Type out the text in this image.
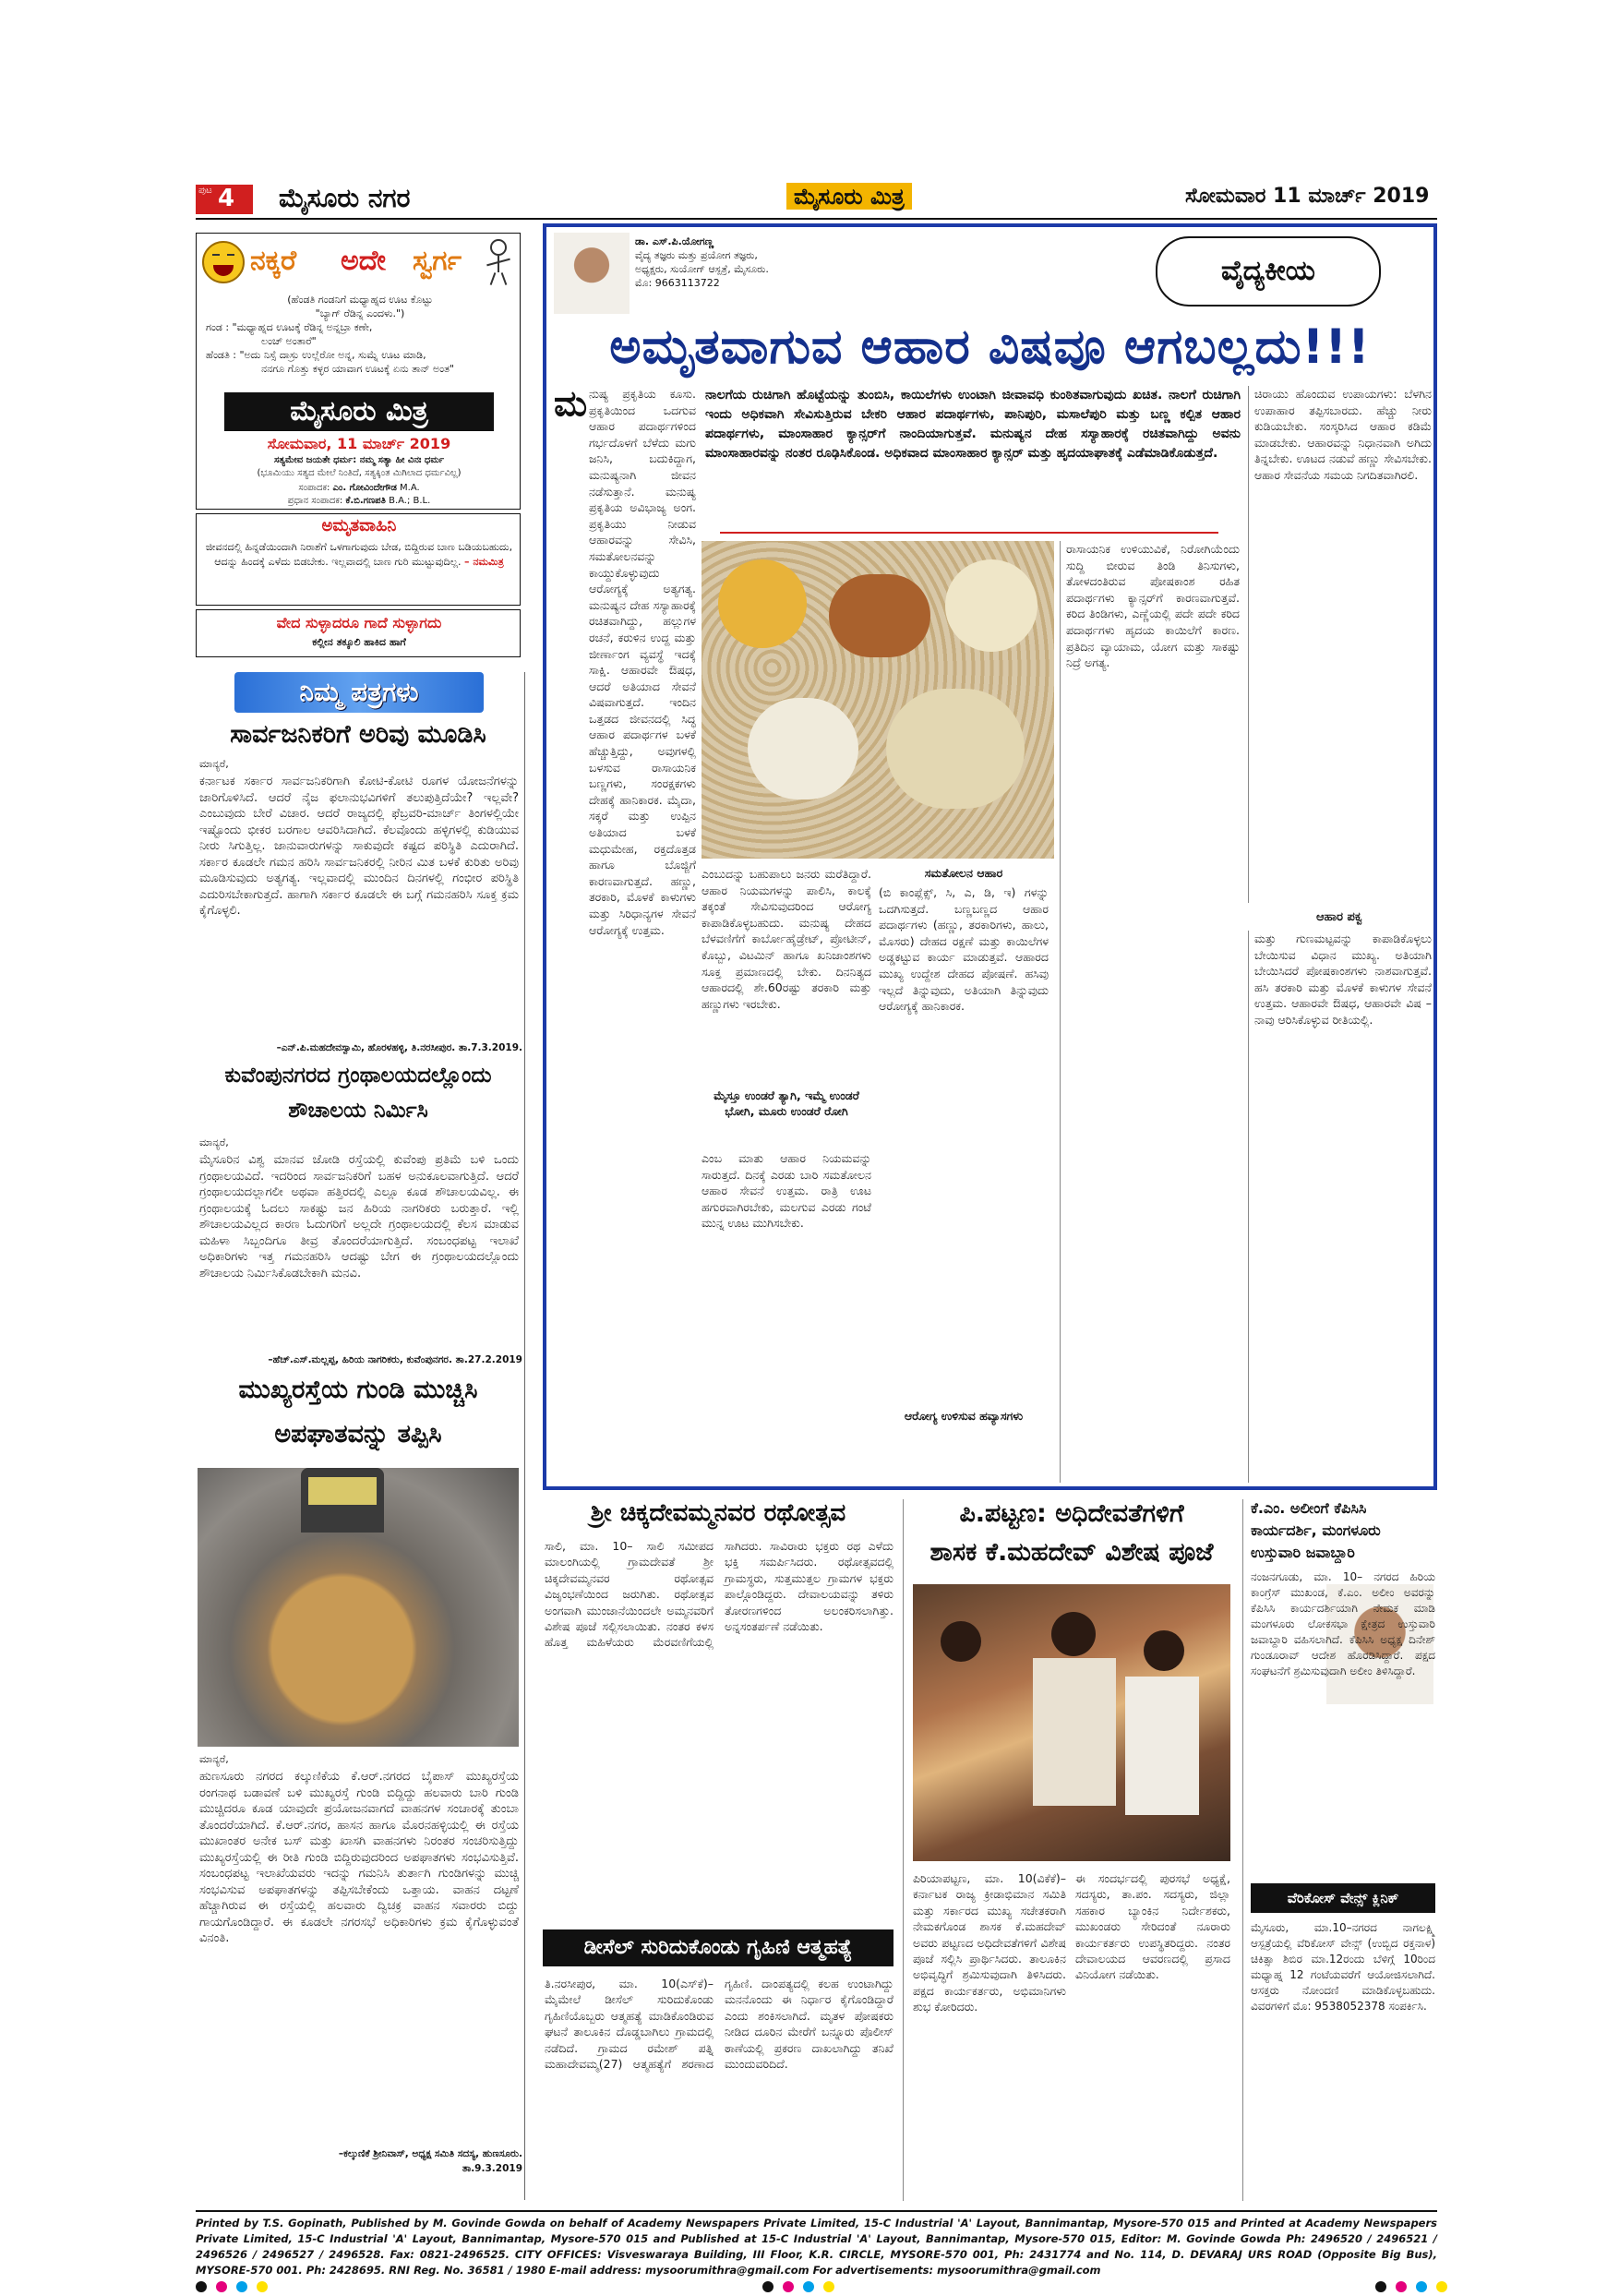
ಪುಟ 4 ಮೈಸೂರು ನಗರ	ಮೈಸೂರು ಮಿತ್ರ	ಸೋಮವಾರ 11 ಮಾರ್ಚ್ 2019
ನಕ್ಕರೆ ಅದೇ ಸ್ವರ್ಗ
(ಹೆಂಡತಿ ಗಂಡನಿಗೆ ಮಧ್ಯಾಹ್ನದ ಊಟ ಕೊಟ್ಟು
"ಬ್ಯಾಗ್ ರೆಡಿನ್ನ ಎಂದಳು.")
ಗಂಡ : "ಮಧ್ಯಾಹ್ನದ ಊಟಕ್ಕೆ ರೆಡಿನ್ನ ಅನ್ನಬ್ರಾ ಕಣೇ,
ಲಂಚ್ ಅಂತಾರೆ"
ಹೆಂಡತಿ : "ಅದು ನಿಸ್ಸೆ ದಾಸ್ರು ಉಲ್ಲೆರೋ ಅನ್ನ, ಸುಮ್ನೆ ಊಟ ಮಾಡಿ,
ನನಗೂ ಗೊತ್ತು ಕಳ್ಳರ ಯಾವಾಗ ಊಟಕ್ಕೆ ಏನು ತಾನ್ ಅಂತ"
ಮೈಸೂರು ಮಿತ್ರ
ಸೋಮವಾರ, 11 ಮಾರ್ಚ್ 2019
ಸತ್ಯಮೇವ ಜಯತೇ ಧರ್ಮ: ನಮ್ಮ ಸತ್ಯಾ ಹೀ ವಿನಃ ಧರ್ಮ
(ಭೂಮಿಯು ಸತ್ಯದ ಮೇಲೆ ನಿಂತಿದೆ, ಸತ್ಯಕ್ಕಿಂತ ಮಿಗಿಲಾದ ಧರ್ಮವಿಲ್ಲ)
ಸಂಪಾದಕ: ಎಂ. ಗೋವಿಂದೇಗೌಡ M.A.
ಪ್ರಧಾನ ಸಂಪಾದಕ: ಕೆ.ಬಿ.ಗಣಪತಿ B.A.; B.L.
ಅಮೃತವಾಹಿನಿ
ಜೀವನದಲ್ಲಿ ಹಿನ್ನಡೆಯಿಂದಾಗಿ ನಿರಾಶೆಗೆ ಒಳಗಾಗುವುದು ಬೇಡ, ಬಿದ್ದಿರುವ ಬಾಣ ಬಡಿಯಬಹುದು, ಆದನ್ನು ಹಿಂದಕ್ಕೆ ಎಳೆದು ಬಿಡಬೇಕು. ಇಲ್ಲವಾದಲ್ಲಿ ಬಾಣ ಗುರಿ ಮುಟ್ಟುವುದಿಲ್ಲ. – ನಮಮಿತ್ರ
ವೇದ ಸುಳ್ಳಾದರೂ ಗಾದೆ ಸುಳ್ಳಾಗದು
ಕಲ್ಲೀನ ತಕ್ಕೂಲಿ ಹಾಕಿದ ಹಾಗೆ
ನಿಮ್ಮ ಪತ್ರಗಳು
ಸಾರ್ವಜನಿಕರಿಗೆ ಅರಿವು ಮೂಡಿಸಿ
ಮಾನ್ಯರೆ,
ಕರ್ನಾಟಕ ಸರ್ಕಾರ ಸಾರ್ವಜನಿಕರಿಗಾಗಿ ಕೋಟಿ-ಕೋಟಿ ರೂಗಳ ಯೋಜನೆಗಳನ್ನು ಜಾರಿಗೊಳಿಸಿದೆ. ಆದರೆ ನೈಜ ಫಲಾನುಭವಿಗಳಿಗೆ ತಲುಪುತ್ತಿದೆಯೇ? ಇಲ್ಲವೇ? ಎಂಬುವುದು ಬೇರೆ ವಿಚಾರ. ಆದರೆ ರಾಜ್ಯದಲ್ಲಿ ಫೆಬ್ರವರಿ-ಮಾರ್ಚ್ ತಿಂಗಳಲ್ಲಿಯೇ ಇಷ್ಟೊಂದು ಭೀಕರ ಬರಗಾಲ ಆವರಿಸಿದಾಗಿದೆ. ಕೆಲವೊಂದು ಹಳ್ಳಿಗಳಲ್ಲಿ ಕುಡಿಯುವ ನೀರು ಸಿಗುತ್ತಿಲ್ಲ. ಜಾನುವಾರುಗಳನ್ನು ಸಾಕುವುದೇ ಕಷ್ಟದ ಪರಿಸ್ಥಿತಿ ಎದುರಾಗಿದೆ. ಸರ್ಕಾರ ಕೂಡಲೇ ಗಮನ ಹರಿಸಿ ಸಾರ್ವಜನಿಕರಲ್ಲಿ ನೀರಿನ ಮಿತ ಬಳಕೆ ಕುರಿತು ಅರಿವು ಮೂಡಿಸುವುದು ಅತ್ಯಗತ್ಯ. ಇಲ್ಲವಾದಲ್ಲಿ ಮುಂದಿನ ದಿನಗಳಲ್ಲಿ ಗಂಭೀರ ಪರಿಸ್ಥಿತಿ ಎದುರಿಸಬೇಕಾಗುತ್ತದೆ. ಹಾಗಾಗಿ ಸರ್ಕಾರ ಕೂಡಲೇ ಈ ಬಗ್ಗೆ ಗಮನಹರಿಸಿ ಸೂಕ್ತ ಕ್ರಮ ಕೈಗೊಳ್ಳಲಿ.
–ಎನ್.ಪಿ.ಮಹದೇವಸ್ವಾಮಿ, ಹೊರಳಹಳ್ಳಿ, ತಿ.ನರಸೀಪುರ. ತಾ.7.3.2019.
ಕುವೆಂಪುನಗರದ ಗ್ರಂಥಾಲಯದಲ್ಲೊಂದು
ಶೌಚಾಲಯ ನಿರ್ಮಿಸಿ
ಮಾನ್ಯರೆ,
ಮೈಸೂರಿನ ವಿಶ್ವ ಮಾನವ ಜೋಡಿ ರಸ್ತೆಯಲ್ಲಿ ಕುವೆಂಪು ಪ್ರತಿಮೆ ಬಳಿ ಒಂದು ಗ್ರಂಥಾಲಯವಿದೆ. ಇದರಿಂದ ಸಾರ್ವಜನಿಕರಿಗೆ ಬಹಳ ಅನುಕೂಲವಾಗುತ್ತಿದೆ. ಆದರೆ ಗ್ರಂಥಾಲಯದಲ್ಲಾಗಲೀ ಅಥವಾ ಹತ್ತಿರದಲ್ಲಿ ಎಲ್ಲೂ ಕೂಡ ಶೌಚಾಲಯವಿಲ್ಲ. ಈ ಗ್ರಂಥಾಲಯಕ್ಕೆ ಓದಲು ಸಾಕಷ್ಟು ಜನ ಹಿರಿಯ ನಾಗರಿಕರು ಬರುತ್ತಾರೆ. ಇಲ್ಲಿ ಶೌಚಾಲಯವಿಲ್ಲದ ಕಾರಣ ಓದುಗರಿಗೆ ಅಲ್ಲದೇ ಗ್ರಂಥಾಲಯದಲ್ಲಿ ಕೆಲಸ ಮಾಡುವ ಮಹಿಳಾ ಸಿಬ್ಬಂದಿಗೂ ತೀವ್ರ ತೊಂದರೆಯಾಗುತ್ತಿದೆ. ಸಂಬಂಧಪಟ್ಟ ಇಲಾಖೆ ಅಧಿಕಾರಿಗಳು ಇತ್ತ ಗಮನಹರಿಸಿ ಆದಷ್ಟು ಬೇಗ ಈ ಗ್ರಂಥಾಲಯದಲ್ಲೊಂದು ಶೌಚಾಲಯ ನಿರ್ಮಿಸಿಕೊಡಬೇಕಾಗಿ ಮನವಿ.
–ಹೆಚ್.ಎಸ್.ಮಲ್ಲಪ್ಪ, ಹಿರಿಯ ನಾಗರಿಕರು, ಕುವೆಂಪುನಗರ. ತಾ.27.2.2019
ಮುಖ್ಯರಸ್ತೆಯ ಗುಂಡಿ ಮುಚ್ಚಿಸಿ
ಅಪಘಾತವನ್ನು ತಪ್ಪಿಸಿ
ಮಾನ್ಯರೆ,
ಹುಣಸೂರು ನಗರದ ಕಲ್ಕುಣಿಕೆಯ ಕೆ.ಆರ್.ನಗರದ ಬೈಪಾಸ್ ಮುಖ್ಯರಸ್ತೆಯ ರಂಗನಾಥ ಬಡಾವಣೆ ಬಳಿ ಮುಖ್ಯರಸ್ತೆ ಗುಂಡಿ ಬಿದ್ದಿದ್ದು ಹಲವಾರು ಬಾರಿ ಗುಂಡಿ ಮುಚ್ಚಿದರೂ ಕೂಡ ಯಾವುದೇ ಪ್ರಯೋಜನವಾಗದೆ ವಾಹನಗಳ ಸಂಚಾರಕ್ಕೆ ತುಂಬಾ ತೊಂದರೆಯಾಗಿದೆ. ಕೆ.ಆರ್.ನಗರ, ಹಾಸನ ಹಾಗೂ ಮೊರನಹಳ್ಳಿಯಲ್ಲಿ ಈ ರಸ್ತೆಯ ಮುಖಾಂತರ ಅನೇಕ ಬಸ್ ಮತ್ತು ಖಾಸಗಿ ವಾಹನಗಳು ನಿರಂತರ ಸಂಚರಿಸುತ್ತಿದ್ದು ಮುಖ್ಯರಸ್ತೆಯಲ್ಲಿ ಈ ರೀತಿ ಗುಂಡಿ ಬಿದ್ದಿರುವುದರಿಂದ ಅಪಘಾತಗಳು ಸಂಭವಿಸುತ್ತಿವೆ. ಸಂಬಂಧಪಟ್ಟ ಇಲಾಖೆಯವರು ಇದನ್ನು ಗಮನಿಸಿ ತುರ್ತಾಗಿ ಗುಂಡಿಗಳನ್ನು ಮುಚ್ಚಿ ಸಂಭವಿಸುವ ಅಪಘಾತಗಳನ್ನು ತಪ್ಪಿಸಬೇಕೆಂದು ಒತ್ತಾಯ. ವಾಹನ ದಟ್ಟಣೆ ಹೆಚ್ಚಾಗಿರುವ ಈ ರಸ್ತೆಯಲ್ಲಿ ಹಲವಾರು ದ್ವಿಚಕ್ರ ವಾಹನ ಸವಾರರು ಬಿದ್ದು ಗಾಯಗೊಂಡಿದ್ದಾರೆ. ಈ ಕೂಡಲೇ ನಗರಸಭೆ ಅಧಿಕಾರಿಗಳು ಕ್ರಮ ಕೈಗೊಳ್ಳುವಂತೆ ವಿನಂತಿ.
–ಕಲ್ಕುಣಿಕೆ ಶ್ರೀನಿವಾಸ್, ಅಧ್ಯಕ್ಷ ಸಮಿತಿ ಸದಸ್ಯ, ಹುಣಸೂರು.
ತಾ.9.3.2019
ಡಾ. ಎಸ್.ಪಿ.ಯೋಗಣ್ಣ
ವೈದ್ಯ ತಜ್ಞರು ಮತ್ತು ಪ್ರಯೋಗ ತಜ್ಞರು,
ಅಧ್ಯಕ್ಷರು, ಸುಯೋಗ್ ಆಸ್ಪತ್ರೆ, ಮೈಸೂರು.
ಮೊ: 9663113722	ವೈದ್ಯಕೀಯ
ಅಮೃತವಾಗುವ ಆಹಾರ ವಿಷವೂ ಆಗಬಲ್ಲದು!!!
ಮ ನುಷ್ಯ ಪ್ರಕೃತಿಯ ಕೂಸು. ಪ್ರಕೃತಿಯಿಂದ ಒದಗುವ ಆಹಾರ ಪದಾರ್ಥಗಳಿಂದ ಗರ್ಭದೊಳಗೆ ಬೆಳೆದು ಮಗು ಜನಿಸಿ, ಬದುಕಿದ್ದಾಗ, ಮನುಷ್ಯನಾಗಿ ಜೀವನ ನಡೆಸುತ್ತಾನೆ. ಮನುಷ್ಯ ಪ್ರಕೃತಿಯ ಅವಿಭಾಜ್ಯ ಅಂಗ. ಪ್ರಕೃತಿಯು ನೀಡುವ ಆಹಾರವನ್ನು ಸೇವಿಸಿ, ಸಮತೋಲನವನ್ನು ಕಾಯ್ದುಕೊಳ್ಳುವುದು ಆರೋಗ್ಯಕ್ಕೆ ಅತ್ಯಗತ್ಯ. ಮನುಷ್ಯನ ದೇಹ ಸಸ್ಯಾಹಾರಕ್ಕೆ ರಚಿತವಾಗಿದ್ದು, ಹಲ್ಲುಗಳ ರಚನೆ, ಕರುಳಿನ ಉದ್ದ ಮತ್ತು ಜೀರ್ಣಾಂಗ ವ್ಯವಸ್ಥೆ ಇದಕ್ಕೆ ಸಾಕ್ಷಿ. ಆಹಾರವೇ ಔಷಧ, ಆದರೆ ಅತಿಯಾದ ಸೇವನೆ ವಿಷವಾಗುತ್ತದೆ. ಇಂದಿನ ಒತ್ತಡದ ಜೀವನದಲ್ಲಿ ಸಿದ್ಧ ಆಹಾರ ಪದಾರ್ಥಗಳ ಬಳಕೆ ಹೆಚ್ಚುತ್ತಿದ್ದು, ಅವುಗಳಲ್ಲಿ ಬಳಸುವ ರಾಸಾಯನಿಕ ಬಣ್ಣಗಳು, ಸಂರಕ್ಷಕಗಳು ದೇಹಕ್ಕೆ ಹಾನಿಕಾರಕ. ಮೈದಾ, ಸಕ್ಕರೆ ಮತ್ತು ಉಪ್ಪಿನ ಅತಿಯಾದ ಬಳಕೆ ಮಧುಮೇಹ, ರಕ್ತದೊತ್ತಡ ಹಾಗೂ ಬೊಜ್ಜಿಗೆ ಕಾರಣವಾಗುತ್ತದೆ. ಹಣ್ಣು, ತರಕಾರಿ, ಮೊಳಕೆ ಕಾಳುಗಳು ಮತ್ತು ಸಿರಿಧಾನ್ಯಗಳ ಸೇವನೆ ಆರೋಗ್ಯಕ್ಕೆ ಉತ್ತಮ.
ನಾಲಗೆಯ ರುಚಿಗಾಗಿ ಹೊಟ್ಟೆಯನ್ನು ತುಂಬಿಸಿ, ಕಾಯಿಲೆಗಳು ಉಂಟಾಗಿ ಜೀವಾವಧಿ ಕುಂಠಿತವಾಗುವುದು ಖಚಿತ. ನಾಲಗೆ ರುಚಿಗಾಗಿ ಇಂದು ಅಧಿಕವಾಗಿ ಸೇವಿಸುತ್ತಿರುವ ಬೇಕರಿ ಆಹಾರ ಪದಾರ್ಥಗಳು, ಪಾನಿಪುರಿ, ಮಸಾಲೆಪುರಿ ಮತ್ತು ಬಣ್ಣ ಕಲ್ಪಿತ ಆಹಾರ ಪದಾರ್ಥಗಳು, ಮಾಂಸಾಹಾರ ಕ್ಯಾನ್ಸರ್‌ಗೆ ನಾಂದಿಯಾಗುತ್ತವೆ. ಮನುಷ್ಯನ ದೇಹ ಸಸ್ಯಾಹಾರಕ್ಕೆ ರಚಿತವಾಗಿದ್ದು ಅವನು ಮಾಂಸಾಹಾರವನ್ನು ನಂತರ ರೂಢಿಸಿಕೊಂಡ. ಅಧಿಕವಾದ ಮಾಂಸಾಹಾರ ಕ್ಯಾನ್ಸರ್ ಮತ್ತು ಹೃದಯಾಘಾತಕ್ಕೆ ಎಡೆಮಾಡಿಕೊಡುತ್ತದೆ.
ಎಂಬುದನ್ನು ಬಹುಪಾಲು ಜನರು ಮರೆತಿದ್ದಾರೆ. ಆಹಾರ ನಿಯಮಗಳನ್ನು ಪಾಲಿಸಿ, ಕಾಲಕ್ಕೆ ತಕ್ಕಂತೆ ಸೇವಿಸುವುದರಿಂದ ಆರೋಗ್ಯ ಕಾಪಾಡಿಕೊಳ್ಳಬಹುದು. ಮನುಷ್ಯ ದೇಹದ ಬೆಳವಣಿಗೆಗೆ ಕಾರ್ಬೋಹೈಡ್ರೇಟ್, ಪ್ರೋಟೀನ್, ಕೊಬ್ಬು, ವಿಟಮಿನ್ ಹಾಗೂ ಖನಿಜಾಂಶಗಳು ಸೂಕ್ತ ಪ್ರಮಾಣದಲ್ಲಿ ಬೇಕು. ದಿನನಿತ್ಯದ ಆಹಾರದಲ್ಲಿ ಶೇ.60ರಷ್ಟು ತರಕಾರಿ ಮತ್ತು ಹಣ್ಣುಗಳು ಇರಬೇಕು.
ಮೈಸ್ತೂ ಉಂಡರೆ ತ್ಯಾಗಿ, ಇಮ್ಮೆ ಉಂಡರೆ ಭೋಗಿ, ಮೂರು ಉಂಡರೆ ರೋಗಿ
ಎಂಬ ಮಾತು ಆಹಾರ ನಿಯಮವನ್ನು ಸಾರುತ್ತದೆ. ದಿನಕ್ಕೆ ಎರಡು ಬಾರಿ ಸಮತೋಲನ ಆಹಾರ ಸೇವನೆ ಉತ್ತಮ. ರಾತ್ರಿ ಊಟ ಹಗುರವಾಗಿರಬೇಕು, ಮಲಗುವ ಎರಡು ಗಂಟೆ ಮುನ್ನ ಊಟ ಮುಗಿಸಬೇಕು.
ಸಮತೋಲನ ಆಹಾರ
(ಬಿ ಕಾಂಪ್ಲೆಕ್ಸ್, ಸಿ, ಎ, ಡಿ, ಇ) ಗಳನ್ನು ಒದಗಿಸುತ್ತದೆ. ಬಣ್ಣಬಣ್ಣದ ಆಹಾರ ಪದಾರ್ಥಗಳು (ಹಣ್ಣು, ತರಕಾರಿಗಳು, ಹಾಲು, ಮೊಸರು) ದೇಹದ ರಕ್ಷಣೆ ಮತ್ತು ಕಾಯಿಲೆಗಳ ಅಡ್ಡಕಟ್ಟುವ ಕಾರ್ಯ ಮಾಡುತ್ತವೆ. ಆಹಾರದ ಮುಖ್ಯ ಉದ್ದೇಶ ದೇಹದ ಪೋಷಣೆ. ಹಸಿವು ಇಲ್ಲದೆ ತಿನ್ನುವುದು, ಅತಿಯಾಗಿ ತಿನ್ನುವುದು ಆರೋಗ್ಯಕ್ಕೆ ಹಾನಿಕಾರಕ.
ಆರೋಗ್ಯ ಉಳಿಸುವ ಹವ್ಯಾಸಗಳು
ರಾಸಾಯನಿಕ ಉಳಿಯುವಿಕೆ, ನಿರೋಗಿಯೆಂದು ಸುದ್ದಿ ಬೀರುವ ತಿಂಡಿ ತಿನಿಸುಗಳು, ತೋಳದಂತಿರುವ ಪೋಷಕಾಂಶ ರಹಿತ ಪದಾರ್ಥಗಳು ಕ್ಯಾನ್ಸರ್‌ಗೆ ಕಾರಣವಾಗುತ್ತವೆ. ಕರಿದ ತಿಂಡಿಗಳು, ಎಣ್ಣೆಯಲ್ಲಿ ಪದೇ ಪದೇ ಕರಿದ ಪದಾರ್ಥಗಳು ಹೃದಯ ಕಾಯಿಲೆಗೆ ಕಾರಣ. ಪ್ರತಿದಿನ ವ್ಯಾಯಾಮ, ಯೋಗ ಮತ್ತು ಸಾಕಷ್ಟು ನಿದ್ರೆ ಅಗತ್ಯ.
ಚಿರಾಯು ಹೊಂದುವ ಉಪಾಯಗಳು: ಬೆಳಗಿನ ಉಪಾಹಾರ ತಪ್ಪಿಸಬಾರದು. ಹೆಚ್ಚು ನೀರು ಕುಡಿಯಬೇಕು. ಸಂಸ್ಕರಿಸಿದ ಆಹಾರ ಕಡಿಮೆ ಮಾಡಬೇಕು. ಆಹಾರವನ್ನು ನಿಧಾನವಾಗಿ ಅಗಿದು ತಿನ್ನಬೇಕು. ಊಟದ ನಡುವೆ ಹಣ್ಣು ಸೇವಿಸಬೇಕು. ಆಹಾರ ಸೇವನೆಯ ಸಮಯ ನಿಗದಿತವಾಗಿರಲಿ.
ಆಹಾರ ಪಕ್ವ
ಮತ್ತು ಗುಣಮಟ್ಟವನ್ನು ಕಾಪಾಡಿಕೊಳ್ಳಲು ಬೇಯಿಸುವ ವಿಧಾನ ಮುಖ್ಯ. ಅತಿಯಾಗಿ ಬೇಯಿಸಿದರೆ ಪೋಷಕಾಂಶಗಳು ನಾಶವಾಗುತ್ತವೆ. ಹಸಿ ತರಕಾರಿ ಮತ್ತು ಮೊಳಕೆ ಕಾಳುಗಳ ಸೇವನೆ ಉತ್ತಮ. ಆಹಾರವೇ ಔಷಧ, ಆಹಾರವೇ ವಿಷ – ನಾವು ಆರಿಸಿಕೊಳ್ಳುವ ರೀತಿಯಲ್ಲಿ.
ಶ್ರೀ ಚಿಕ್ಕದೇವಮ್ಮನವರ ರಥೋತ್ಸವ
ಸಾಲಿ, ಮಾ. 10– ಸಾಲಿ ಸಮೀಪದ ಮಾಲಂಗಿಯಲ್ಲಿ ಗ್ರಾಮದೇವತೆ ಶ್ರೀ ಚಿಕ್ಕದೇವಮ್ಮನವರ ರಥೋತ್ಸವ ವಿಜೃಂಭಣೆಯಿಂದ ಜರುಗಿತು. ರಥೋತ್ಸವ ಅಂಗವಾಗಿ ಮುಂಜಾನೆಯಿಂದಲೇ ಅಮ್ಮನವರಿಗೆ ವಿಶೇಷ ಪೂಜೆ ಸಲ್ಲಿಸಲಾಯಿತು. ನಂತರ ಕಳಸ ಹೊತ್ತ ಮಹಿಳೆಯರು ಮೆರವಣಿಗೆಯಲ್ಲಿ ಸಾಗಿದರು. ಸಾವಿರಾರು ಭಕ್ತರು ರಥ ಎಳೆದು ಭಕ್ತಿ ಸಮರ್ಪಿಸಿದರು. ರಥೋತ್ಸವದಲ್ಲಿ ಗ್ರಾಮಸ್ಥರು, ಸುತ್ತಮುತ್ತಲ ಗ್ರಾಮಗಳ ಭಕ್ತರು ಪಾಲ್ಗೊಂಡಿದ್ದರು. ದೇವಾಲಯವನ್ನು ತಳಿರು ತೋರಣಗಳಿಂದ ಅಲಂಕರಿಸಲಾಗಿತ್ತು. ಅನ್ನಸಂತರ್ಪಣೆ ನಡೆಯಿತು.
ಡೀಸೆಲ್ ಸುರಿದುಕೊಂಡು ಗೃಹಿಣಿ ಆತ್ಮಹತ್ಯೆ
ತಿ.ನರಸೀಪುರ, ಮಾ. 10(ಎಸ್‌ಕೆ)– ಮೈಮೇಲೆ ಡೀಸೆಲ್ ಸುರಿದುಕೊಂಡು ಗೃಹಿಣಿಯೊಬ್ಬರು ಆತ್ಮಹತ್ಯೆ ಮಾಡಿಕೊಂಡಿರುವ ಘಟನೆ ತಾಲೂಕಿನ ದೊಡ್ಡಬಾಗಿಲು ಗ್ರಾಮದಲ್ಲಿ ನಡೆದಿದೆ. ಗ್ರಾಮದ ರಮೇಶ್ ಪತ್ನಿ ಮಹಾದೇವಮ್ಮ(27) ಆತ್ಮಹತ್ಯೆಗೆ ಶರಣಾದ ಗೃಹಿಣಿ. ದಾಂಪತ್ಯದಲ್ಲಿ ಕಲಹ ಉಂಟಾಗಿದ್ದು ಮನನೊಂದು ಈ ನಿರ್ಧಾರ ಕೈಗೊಂಡಿದ್ದಾರೆ ಎಂದು ಶಂಕಿಸಲಾಗಿದೆ. ಮೃತಳ ಪೋಷಕರು ನೀಡಿದ ದೂರಿನ ಮೇರೆಗೆ ಬನ್ನೂರು ಪೊಲೀಸ್ ಠಾಣೆಯಲ್ಲಿ ಪ್ರಕರಣ ದಾಖಲಾಗಿದ್ದು ತನಿಖೆ ಮುಂದುವರಿದಿದೆ.
ಪಿ.ಪಟ್ಟಣ: ಅಧಿದೇವತೆಗಳಿಗೆ
ಶಾಸಕ ಕೆ.ಮಹದೇವ್ ವಿಶೇಷ ಪೂಜೆ
ಪಿರಿಯಾಪಟ್ಟಣ, ಮಾ. 10(ವಿಕೆಕೆ)– ಕರ್ನಾಟಕ ರಾಜ್ಯ ಕ್ರೀಡಾಭಿಮಾನ ಸಮಿತಿ ಮತ್ತು ಸರ್ಕಾರದ ಮುಖ್ಯ ಸಚೇತಕರಾಗಿ ನೇಮಕಗೊಂಡ ಶಾಸಕ ಕೆ.ಮಹದೇವ್ ಅವರು ಪಟ್ಟಣದ ಅಧಿದೇವತೆಗಳಿಗೆ ವಿಶೇಷ ಪೂಜೆ ಸಲ್ಲಿಸಿ ಪ್ರಾರ್ಥಿಸಿದರು. ತಾಲೂಕಿನ ಅಭಿವೃದ್ಧಿಗೆ ಶ್ರಮಿಸುವುದಾಗಿ ತಿಳಿಸಿದರು. ಪಕ್ಷದ ಕಾರ್ಯಕರ್ತರು, ಅಭಿಮಾನಿಗಳು ಶುಭ ಕೋರಿದರು.
ಈ ಸಂದರ್ಭದಲ್ಲಿ ಪುರಸಭೆ ಅಧ್ಯಕ್ಷೆ, ಸದಸ್ಯರು, ತಾ.ಪಂ. ಸದಸ್ಯರು, ಜಿಲ್ಲಾ ಸಹಕಾರ ಬ್ಯಾಂಕಿನ ನಿರ್ದೇಶಕರು, ಮುಖಂಡರು ಸೇರಿದಂತೆ ನೂರಾರು ಕಾರ್ಯಕರ್ತರು ಉಪಸ್ಥಿತರಿದ್ದರು. ನಂತರ ದೇವಾಲಯದ ಆವರಣದಲ್ಲಿ ಪ್ರಸಾದ ವಿನಿಯೋಗ ನಡೆಯಿತು.
ಕೆ.ಎಂ. ಅಲೀಂಗೆ ಕೆಪಿಸಿಸಿ
ಕಾರ್ಯದರ್ಶಿ, ಮಂಗಳೂರು
ಉಸ್ತುವಾರಿ ಜವಾಬ್ದಾರಿ
ನಂಜನಗೂಡು, ಮಾ. 10– ನಗರದ ಹಿರಿಯ ಕಾಂಗ್ರೆಸ್ ಮುಖಂಡ, ಕೆ.ಎಂ. ಅಲೀಂ ಅವರನ್ನು ಕೆಪಿಸಿಸಿ ಕಾರ್ಯದರ್ಶಿಯಾಗಿ ನೇಮಕ ಮಾಡಿ ಮಂಗಳೂರು ಲೋಕಸಭಾ ಕ್ಷೇತ್ರದ ಉಸ್ತುವಾರಿ ಜವಾಬ್ದಾರಿ ವಹಿಸಲಾಗಿದೆ. ಕೆಪಿಸಿಸಿ ಅಧ್ಯಕ್ಷ ದಿನೇಶ್ ಗುಂಡೂರಾವ್ ಆದೇಶ ಹೊರಡಿಸಿದ್ದಾರೆ. ಪಕ್ಷದ ಸಂಘಟನೆಗೆ ಶ್ರಮಿಸುವುದಾಗಿ ಅಲೀಂ ತಿಳಿಸಿದ್ದಾರೆ.
ವೆರಿಕೋಸ್ ವೇನ್ಸ್ ಕ್ಲಿನಿಕ್
ಮೈಸೂರು, ಮಾ.10–ನಗರದ ನಾಗಲಕ್ಷ್ಮಿ ಆಸ್ಪತ್ರೆಯಲ್ಲಿ ವೆರಿಕೋಸ್ ವೇನ್ಸ್ (ಉಬ್ಬಿದ ರಕ್ತನಾಳ) ಚಿಕಿತ್ಸಾ ಶಿಬಿರ ಮಾ.12ರಂದು ಬೆಳಿಗ್ಗೆ 10ರಿಂದ ಮಧ್ಯಾಹ್ನ 12 ಗಂಟೆಯವರೆಗೆ ಆಯೋಜಿಸಲಾಗಿದೆ. ಆಸಕ್ತರು ನೋಂದಣಿ ಮಾಡಿಕೊಳ್ಳಬಹುದು. ವಿವರಗಳಿಗೆ ಮೊ: 9538052378 ಸಂಪರ್ಕಿಸಿ.
Printed by T.S. Gopinath, Published by M. Govinde Gowda on behalf of Academy Newspapers Private Limited, 15-C Industrial 'A' Layout, Bannimantap, Mysore-570 015 and Printed at Academy Newspapers Private Limited, 15-C Industrial 'A' Layout, Bannimantap, Mysore-570 015 and Published at 15-C Industrial 'A' Layout, Bannimantap, Mysore-570 015, Editor: M. Govinde Gowda Ph: 2496520 / 2496521 / 2496526 / 2496527 / 2496528. Fax: 0821-2496525. CITY OFFICES: Visveswaraya Building, III Floor, K.R. CIRCLE, MYSORE-570 001, Ph: 2431774 and No. 114, D. DEVARAJ URS ROAD (Opposite Big Bus), MYSORE-570 001. Ph: 2428695. RNI Reg. No. 36581 / 1980 E-mail address: mysoorumithra@gmail.com For advertisements: mysoorumithra@gmail.com
